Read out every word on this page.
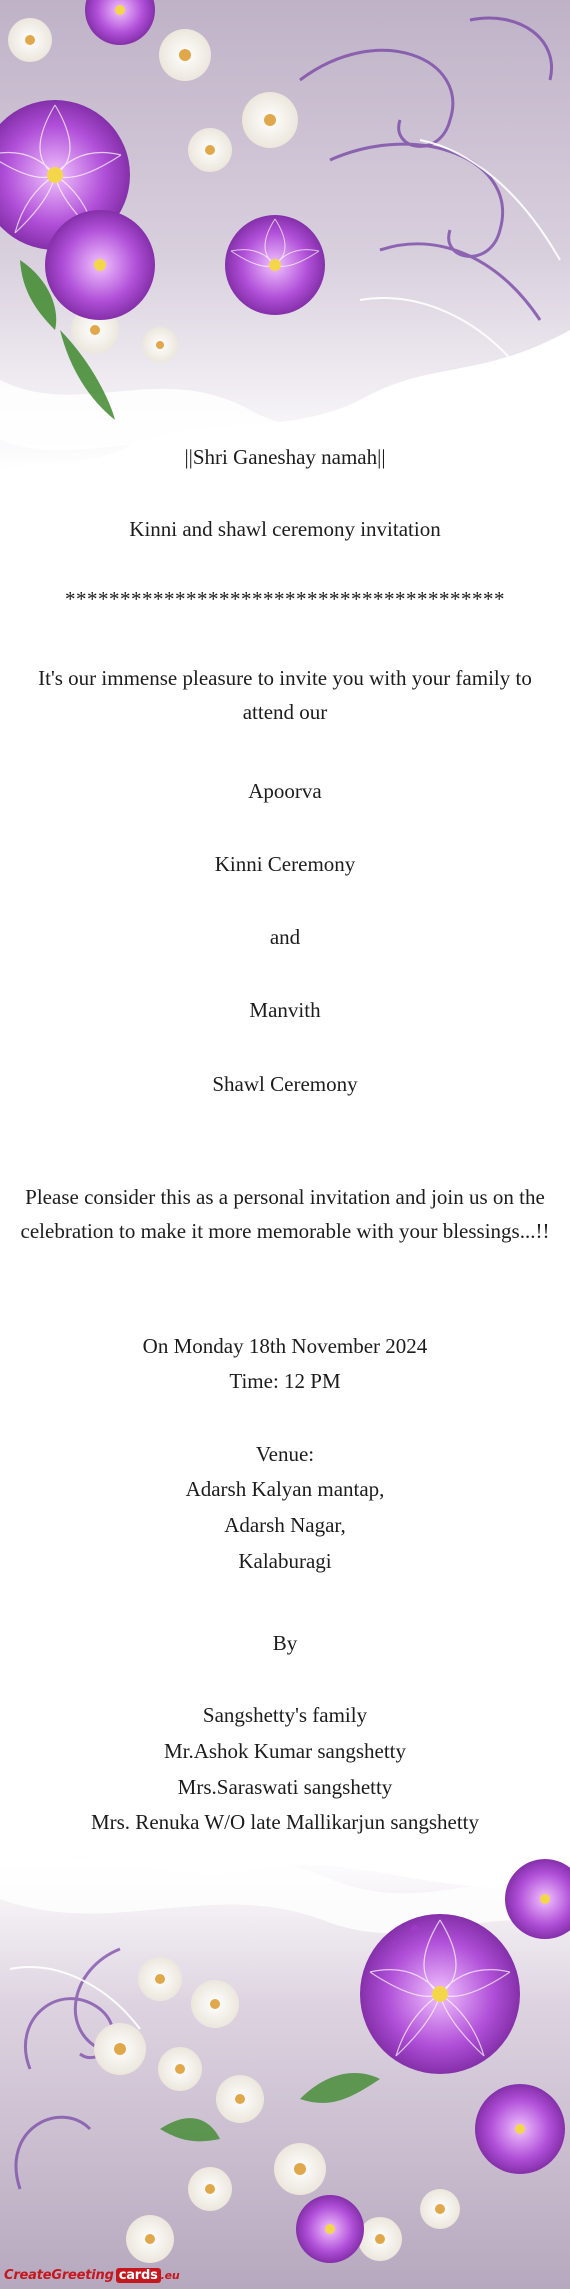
||Shri Ganeshay namah||
Kinni and shawl ceremony invitation
****************************************
It's our immense pleasure to invite you with your family to attend our
Apoorva
Kinni Ceremony
and
Manvith
Shawl Ceremony
Please consider this as a personal invitation and join us on the celebration to make it more memorable with your blessings...!!
On Monday 18th November 2024
Time: 12 PM
Venue:
Adarsh Kalyan mantap,
Adarsh Nagar,
Kalaburagi
By
Sangshetty's family
Mr.Ashok Kumar sangshetty
Mrs.Saraswati sangshetty
Mrs. Renuka W/O late Mallikarjun sangshetty
CreateGreeting cards .eu
